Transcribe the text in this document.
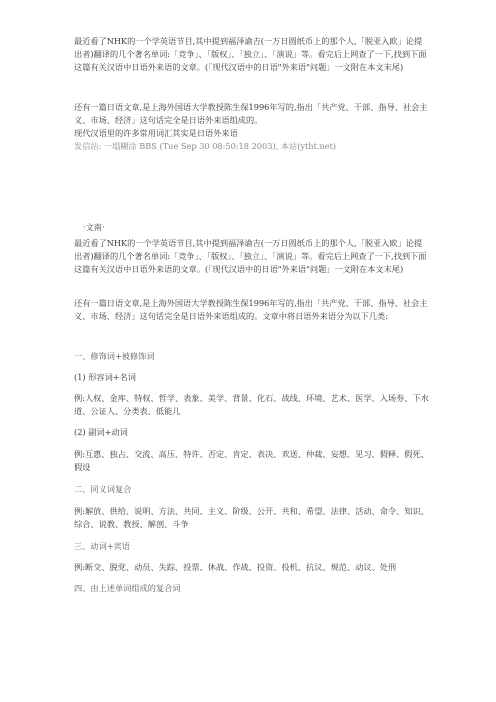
最近看了NHK的一个学英语节目,其中提到福泽谕吉(一万日圆纸币上的那个人,「脱亚入欧」论提出者)翻译的几个著名单词:「竞争」、「版权」、「独立」、「演说」等。看完后上网查了一下,找到下面这篇有关汉语中日语外来语的文章。(「现代汉语中的日语"外来语"问题」一文附在本文末尾)

还有一篇日语文章,是上海外国语大学教授陈生保1996年写的,指出「共产党、干部、指导、社会主义、市场、经济」这句话完全是日语外来语组成的。

现代汉语里的许多常用词汇其实是日语外来语

发信站: 一塌糊涂 BBS (Tue Sep 30 08:50:18 2003), 本站(ytht.net)

·文南·

最近看了NHK的一个学英语节目,其中提到福泽谕吉(一万日圆纸币上的那个人,「脱亚入欧」论提出者)翻译的几个著名单词:「竞争」、「版权」、「独立」、「演说」等。看完后上网查了一下,找到下面这篇有关汉语中日语外来语的文章。(「现代汉语中的日语"外来语"问题」一文附在本文末尾)

还有一篇日语文章,是上海外国语大学教授陈生保1996年写的,指出「共产党、干部、指导、社会主义、市场、经济」这句话完全是日语外来语组成的。文章中将日语外来语分为以下几类:

一、修饰词+被修饰词

(1) 形容词+名词

例:人权、金库、特权、哲学、表象、美学、背景、化石、战线、环境、艺术、医学、入场券、下水道、公证人、分类表、低能儿

(2) 副词+动词

例:互惠、独占、交流、高压、特许、否定、肯定、表决、欢送、仲裁、妄想、见习、假释、假死、假设

二、同义词复合

例:解放、供给、说明、方法、共同、主义、阶级、公开、共和、希望、法律、活动、命令、知识、综合、说教、教授、解剖、斗争

三、动词+宾语

例:断交、脱党、动员、失踪、投票、休战、作战、投资、投机、抗议、规范、动议、处刑

四、由上述单词组成的复合词
